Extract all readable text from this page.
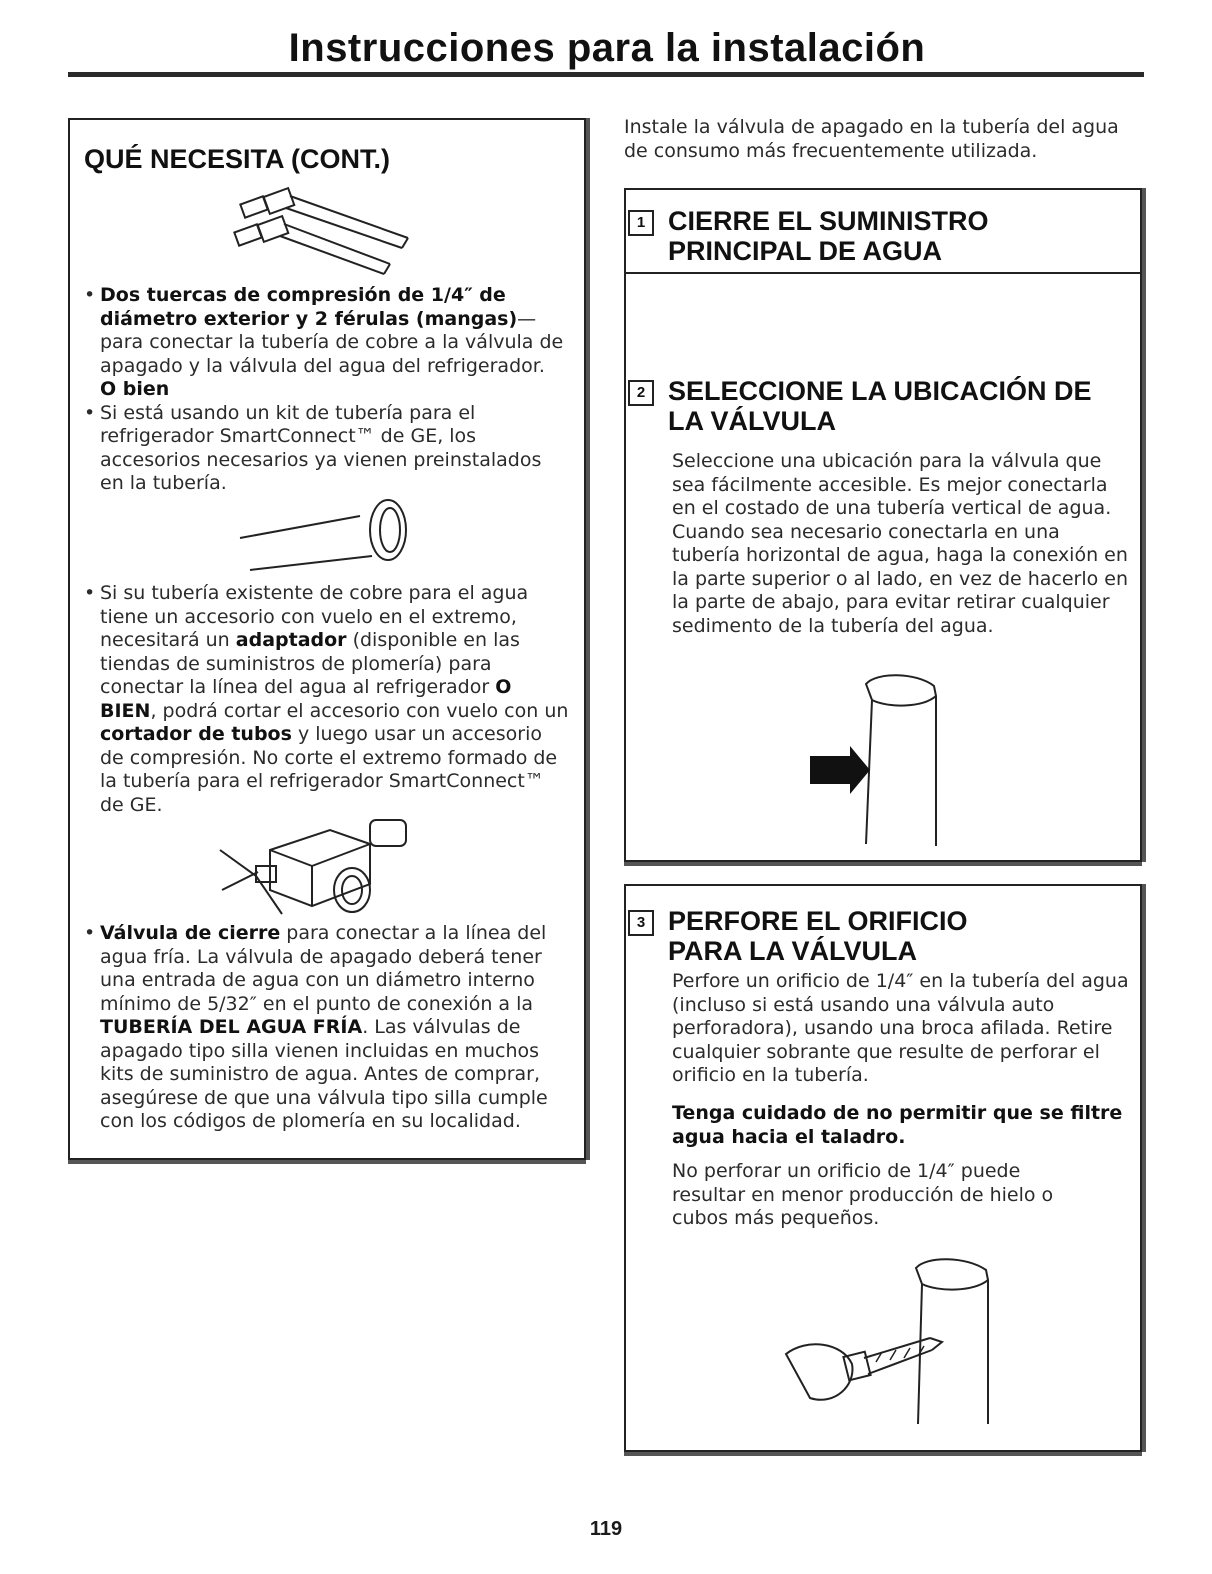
Instrucciones para la instalación
QUÉ NECESITA (CONT.)
• Dos tuercas de compresión de 1/4″ de diámetro exterior y 2 férulas (mangas)—para conectar la tubería de cobre a la válvula de apagado y la válvula del agua del refrigerador.
O bien
• Si está usando un kit de tubería para el refrigerador SmartConnect™ de GE, los accesorios necesarios ya vienen preinstalados en la tubería.
• Si su tubería existente de cobre para el agua tiene un accesorio con vuelo en el extremo, necesitará un adaptador (disponible en las tiendas de suministros de plomería) para conectar la línea del agua al refrigerador O BIEN, podrá cortar el accesorio con vuelo con un cortador de tubos y luego usar un accesorio de compresión. No corte el extremo formado de la tubería para el refrigerador SmartConnect™ de GE.
• Válvula de cierre para conectar a la línea del agua fría. La válvula de apagado deberá tener una entrada de agua con un diámetro interno mínimo de 5/32″ en el punto de conexión a la TUBERÍA DEL AGUA FRÍA. Las válvulas de apagado tipo silla vienen incluidas en muchos kits de suministro de agua. Antes de comprar, asegúrese de que una válvula tipo silla cumple con los códigos de plomería en su localidad.
Instale la válvula de apagado en la tubería del agua de consumo más frecuentemente utilizada.
1 CIERRE EL SUMINISTRO
PRINCIPAL DE AGUA
2 SELECCIONE LA UBICACIÓN DE
LA VÁLVULA
Seleccione una ubicación para la válvula que sea fácilmente accesible. Es mejor conectarla en el costado de una tubería vertical de agua. Cuando sea necesario conectarla en una tubería horizontal de agua, haga la conexión en la parte superior o al lado, en vez de hacerlo en la parte de abajo, para evitar retirar cualquier sedimento de la tubería del agua.
3 PERFORE EL ORIFICIO
PARA LA VÁLVULA
Perfore un orificio de 1/4″ en la tubería del agua (incluso si está usando una válvula auto perforadora), usando una broca afilada. Retire cualquier sobrante que resulte de perforar el orificio en la tubería.
Tenga cuidado de no permitir que se filtre agua hacia el taladro.
No perforar un orificio de 1/4″ puede resultar en menor producción de hielo o cubos más pequeños.
119
